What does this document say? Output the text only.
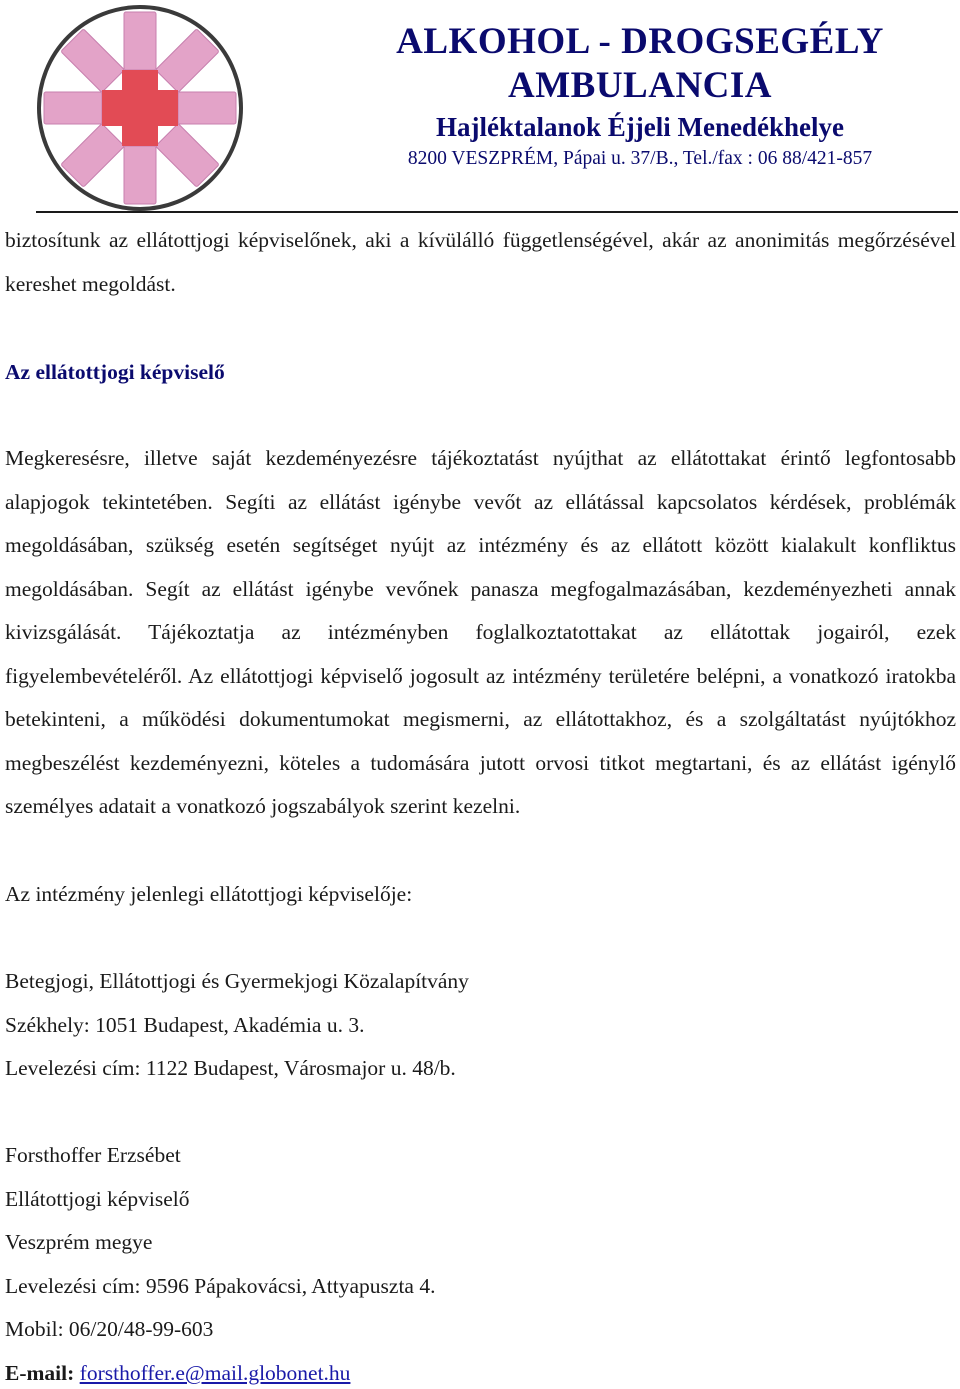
ALKOHOL - DROGSEGÉLY
AMBULANCIA
Hajléktalanok Éjjeli Menedékhelye
8200 VESZPRÉM, Pápai u. 37/B., Tel./fax : 06 88/421-857

biztosítunk az ellátottjogi képviselőnek, aki a kívülálló függetlenségével, akár az anonimitás megőrzésével kereshet megoldást.

Az ellátottjogi képviselő

Megkeresésre, illetve saját kezdeményezésre tájékoztatást nyújthat az ellátottakat érintő legfontosabb alapjogok tekintetében. Segíti az ellátást igénybe vevőt az ellátással kapcsolatos kérdések, problémák megoldásában, szükség esetén segítséget nyújt az intézmény és az ellátott között kialakult konfliktus megoldásában. Segít az ellátást igénybe vevőnek panasza megfogalmazásában, kezdeményezheti annak kivizsgálását. Tájékoztatja az intézményben foglalkoztatottakat az ellátottak jogairól, ezek figyelembevételéről. Az ellátottjogi képviselő jogosult az intézmény területére belépni, a vonatkozó iratokba betekinteni, a működési dokumentumokat megismerni, az ellátottakhoz, és a szolgáltatást nyújtókhoz megbeszélést kezdeményezni, köteles a tudomására jutott orvosi titkot megtartani, és az ellátást igénylő személyes adatait a vonatkozó jogszabályok szerint kezelni.

Az intézmény jelenlegi ellátottjogi képviselője:
Betegjogi, Ellátottjogi és Gyermekjogi Közalapítvány
Székhely: 1051 Budapest, Akadémia u. 3.
Levelezési cím: 1122 Budapest, Városmajor u. 48/b.
Forsthoffer Erzsébet
Ellátottjogi képviselő
Veszprém megye
Levelezési cím: 9596 Pápakovácsi, Attyapuszta 4.
Mobil: 06/20/48-99-603
E-mail: forsthoffer.e@mail.globonet.hu
